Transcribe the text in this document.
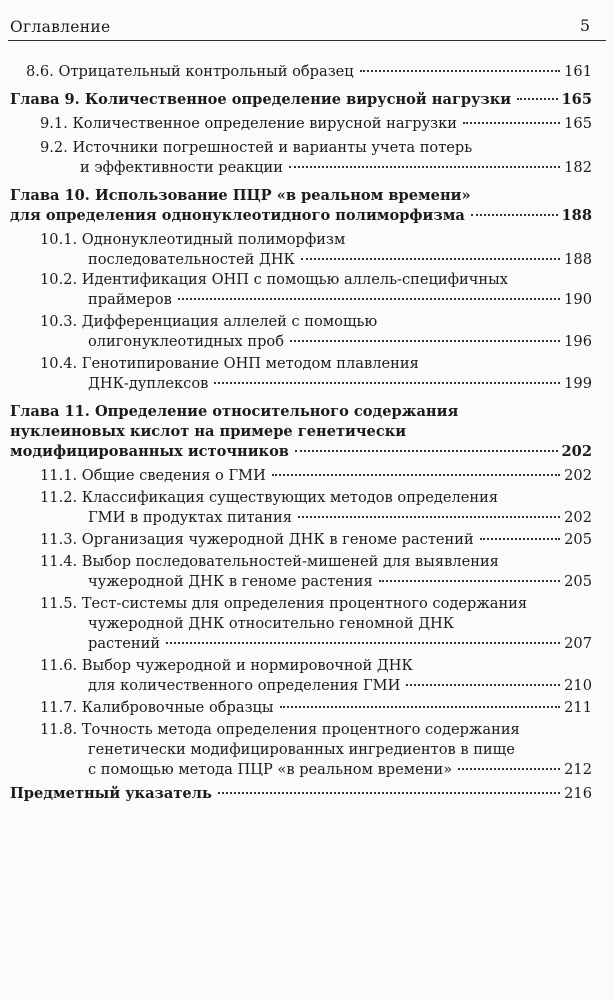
Оглавление	5
8.6.
Отрицательный контрольный образец	161
Глава 9. Количественное определение вирусной нагрузки	165
9.1.
Количественное определение вирусной нагрузки	165
9.2. Источники погрешностей и варианты учета потерь
и эффективности реакции	182
Глава 10. Использование ПЦР «в реальном времени»
для определения однонуклеотидного полиморфизма	188
10.1. Однонуклеотидный полиморфизм
последовательностей ДНК	188
10.2. Идентификация ОНП с помощью аллель-специфичных
праймеров	190
10.3. Дифференциация аллелей с помощью
олигонуклеотидных проб	196
10.4. Генотипирование ОНП методом плавления
ДНК-дуплексов	199
Глава 11. Определение относительного содержания
нуклеиновых кислот на примере генетически
модифицированных источников	202
11.1.
Общие сведения о ГМИ	202
11.2. Классификация существующих методов определения
ГМИ в продуктах питания	202
11.3.
Организация чужеродной ДНК в геноме растений	205
11.4. Выбор последовательностей-мишеней для выявления
чужеродной ДНК в геноме растения	205
11.5. Тест-системы для определения процентного содержания
чужеродной ДНК относительно геномной ДНК
растений	207
11.6. Выбор чужеродной и нормировочной ДНК
для количественного определения ГМИ	210
11.7.
Калибровочные образцы	211
11.8. Точность метода определения процентного содержания
генетически модифицированных ингредиентов в пище
с помощью метода ПЦР «в реальном времени»	212
Предметный указатель	216
